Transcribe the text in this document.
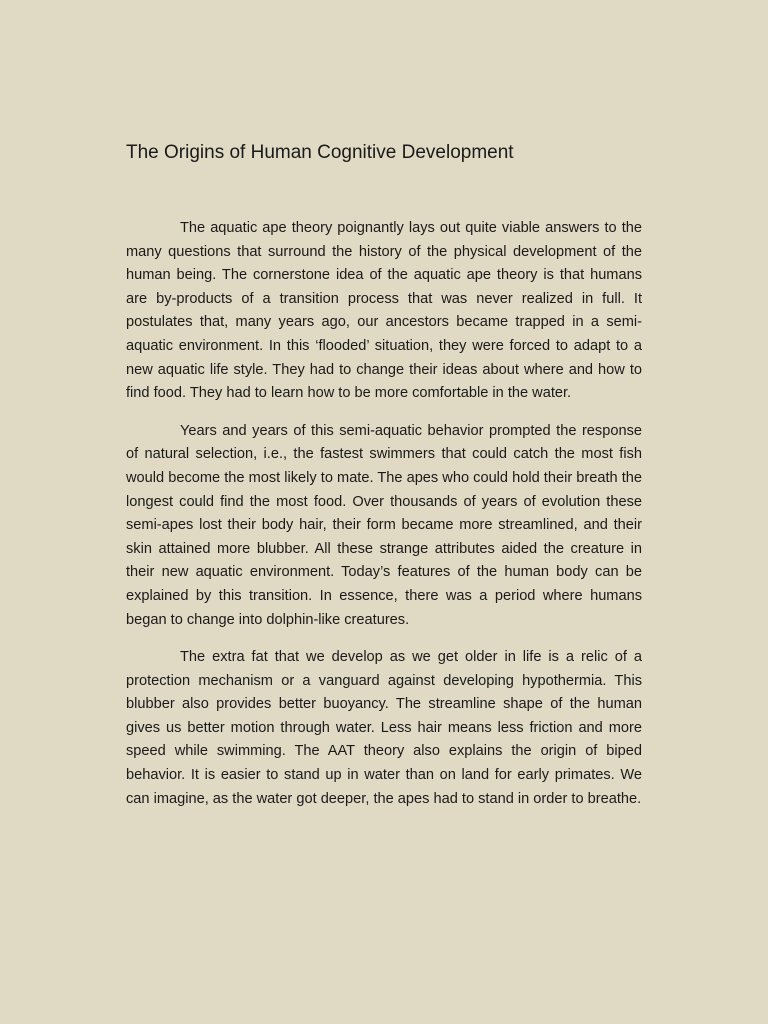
The Origins of Human Cognitive Development

The aquatic ape theory poignantly lays out quite viable answers to the many questions that surround the history of the physical development of the human being. The cornerstone idea of the aquatic ape theory is that humans are by-products of a transition process that was never realized in full. It postulates that, many years ago, our ancestors became trapped in a semi-aquatic environment. In this ‘flooded’ situation, they were forced to adapt to a new aquatic life style. They had to change their ideas about where and how to find food. They had to learn how to be more comfortable in the water.

Years and years of this semi-aquatic behavior prompted the response of natural selection, i.e., the fastest swimmers that could catch the most fish would become the most likely to mate. The apes who could hold their breath the longest could find the most food. Over thousands of years of evolution these semi-apes lost their body hair, their form became more streamlined, and their skin attained more blubber. All these strange attributes aided the creature in their new aquatic environment. Today’s features of the human body can be explained by this transition. In essence, there was a period where humans began to change into dolphin-like creatures.

The extra fat that we develop as we get older in life is a relic of a protection mechanism or a vanguard against developing hypothermia. This blubber also provides better buoyancy. The streamline shape of the human gives us better motion through water. Less hair means less friction and more speed while swimming. The AAT theory also explains the origin of biped behavior. It is easier to stand up in water than on land for early primates. We can imagine, as the water got deeper, the apes had to stand in order to breathe.
